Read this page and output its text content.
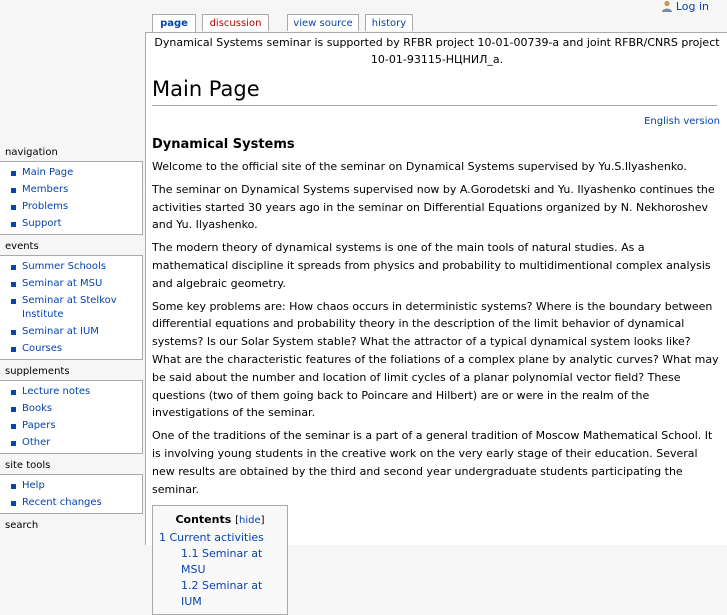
Log in
page	discussion	view source	history
Dynamical Systems seminar is supported by RFBR project 10-01-00739-a and joint RFBR/CNRS project 10-01-93115-НЦНИЛ_а.
Main Page
English version
Dynamical Systems

Welcome to the official site of the seminar on Dynamical Systems supervised by Yu.S.Ilyashenko.

The seminar on Dynamical Systems supervised now by A.Gorodetski and Yu. Ilyashenko continues the activities started 30 years ago in the seminar on Differential Equations organized by N. Nekhoroshev and Yu. Ilyashenko.

The modern theory of dynamical systems is one of the main tools of natural studies. As a mathematical discipline it spreads from physics and probability to multidimentional complex analysis and algebraic geometry.

Some key problems are: How chaos occurs in deterministic systems? Where is the boundary between differential equations and probability theory in the description of the limit behavior of dynamical systems? Is our Solar System stable? What the attractor of a typical dynamical system looks like? What are the characteristic features of the foliations of a complex plane by analytic curves? What may be said about the number and location of limit cycles of a planar polynomial vector field? These questions (two of them going back to Poincare and Hilbert) are or were in the realm of the investigations of the seminar.

One of the traditions of the seminar is a part of a general tradition of Moscow Mathematical School. It is involving young students in the creative work on the very early stage of their education. Several new results are obtained by the third and second year undergraduate students participating the seminar.

Contents [hide]
1 Current activities
1.1 Seminar at MSU
1.2 Seminar at IUM
navigation
Main Page
Members
Problems
Support
events
Summer Schools
Seminar at MSU
Seminar at Stelkov Institute
Seminar at IUM
Courses
supplements
Lecture notes
Books
Papers
Other
site tools
Help
Recent changes
search
